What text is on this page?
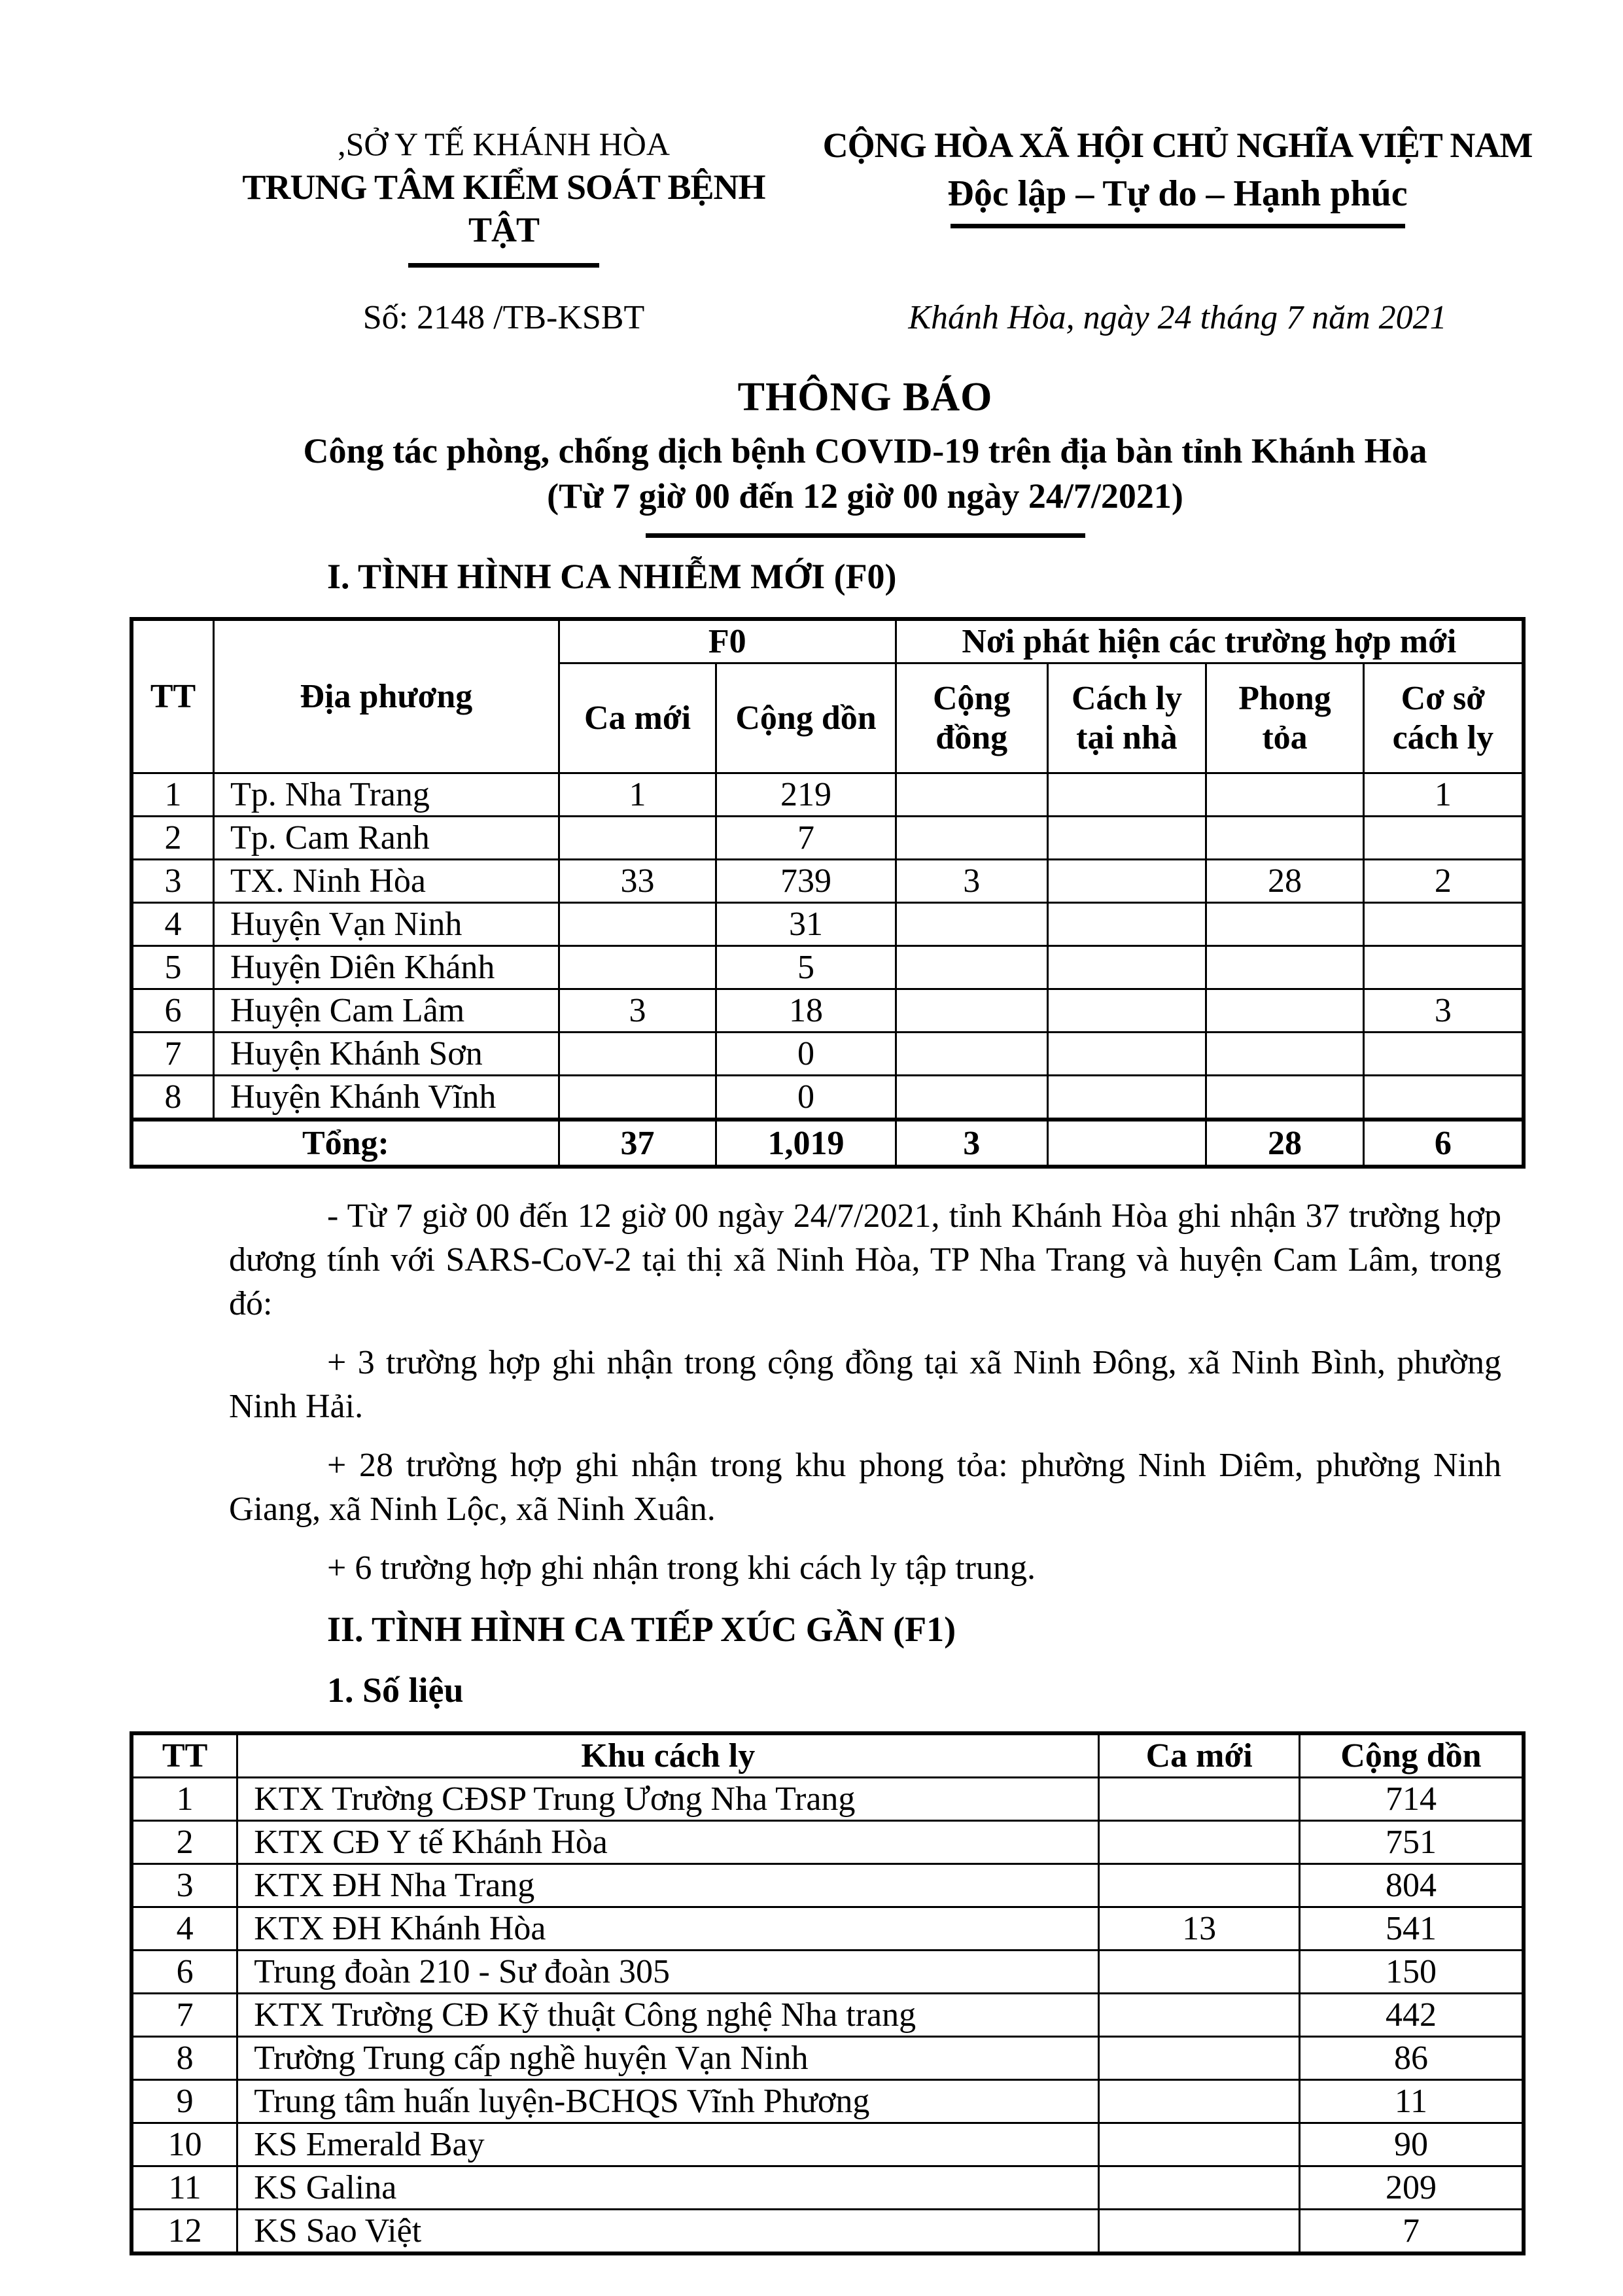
,SỞ Y TẾ KHÁNH HÒA
TRUNG TÂM KIỂM SOÁT BỆNH TẬT
CỘNG HÒA XÃ HỘI CHỦ NGHĨA VIỆT NAM
Độc lập – Tự do – Hạnh phúc
Số: 2148 /TB-KSBT	Khánh Hòa, ngày 24 tháng 7 năm 2021
THÔNG BÁO
Công tác phòng, chống dịch bệnh COVID-19 trên địa bàn tỉnh Khánh Hòa
(Từ 7 giờ 00 đến 12 giờ 00 ngày 24/7/2021)
I. TÌNH HÌNH CA NHIỄM MỚI (F0)
TT	Địa phương	F0		Nơi phát hiện các trường hợp mới			
		Ca mới	Cộng dồn	Cộng đồng	Cách ly tại nhà	Phong tỏa	Cơ sở cách ly
1	Tp. Nha Trang	1	219				1
2	Tp. Cam Ranh		7				
3	TX. Ninh Hòa	33	739	3		28	2
4	Huyện Vạn Ninh		31				
5	Huyện Diên Khánh		5				
6	Huyện Cam Lâm	3	18				3
7	Huyện Khánh Sơn		0				
8	Huyện Khánh Vĩnh		0				
Tổng:		37	1,019	3		28	6

- Từ 7 giờ 00 đến 12 giờ 00 ngày 24/7/2021, tỉnh Khánh Hòa ghi nhận 37 trường hợp dương tính với SARS-CoV-2 tại thị xã Ninh Hòa, TP Nha Trang và huyện Cam Lâm, trong đó:

+ 3 trường hợp ghi nhận trong cộng đồng tại xã Ninh Đông, xã Ninh Bình, phường Ninh Hải.

+ 28 trường hợp ghi nhận trong khu phong tỏa: phường Ninh Diêm, phường Ninh Giang, xã Ninh Lộc, xã Ninh Xuân.

+ 6 trường hợp ghi nhận trong khi cách ly tập trung.

II. TÌNH HÌNH CA TIẾP XÚC GẦN (F1)
1. Số liệu
TT	Khu cách ly	Ca mới	Cộng dồn
1	KTX Trường CĐSP Trung Ương Nha Trang		714
2	KTX CĐ Y tế Khánh Hòa		751
3	KTX ĐH Nha Trang		804
4	KTX ĐH Khánh Hòa	13	541
6	Trung đoàn 210 - Sư đoàn 305		150
7	KTX Trường CĐ Kỹ thuật Công nghệ Nha trang		442
8	Trường Trung cấp nghề huyện Vạn Ninh		86
9	Trung tâm huấn luyện-BCHQS Vĩnh Phương		11
10	KS Emerald Bay		90
11	KS Galina		209
12	KS Sao Việt		7
